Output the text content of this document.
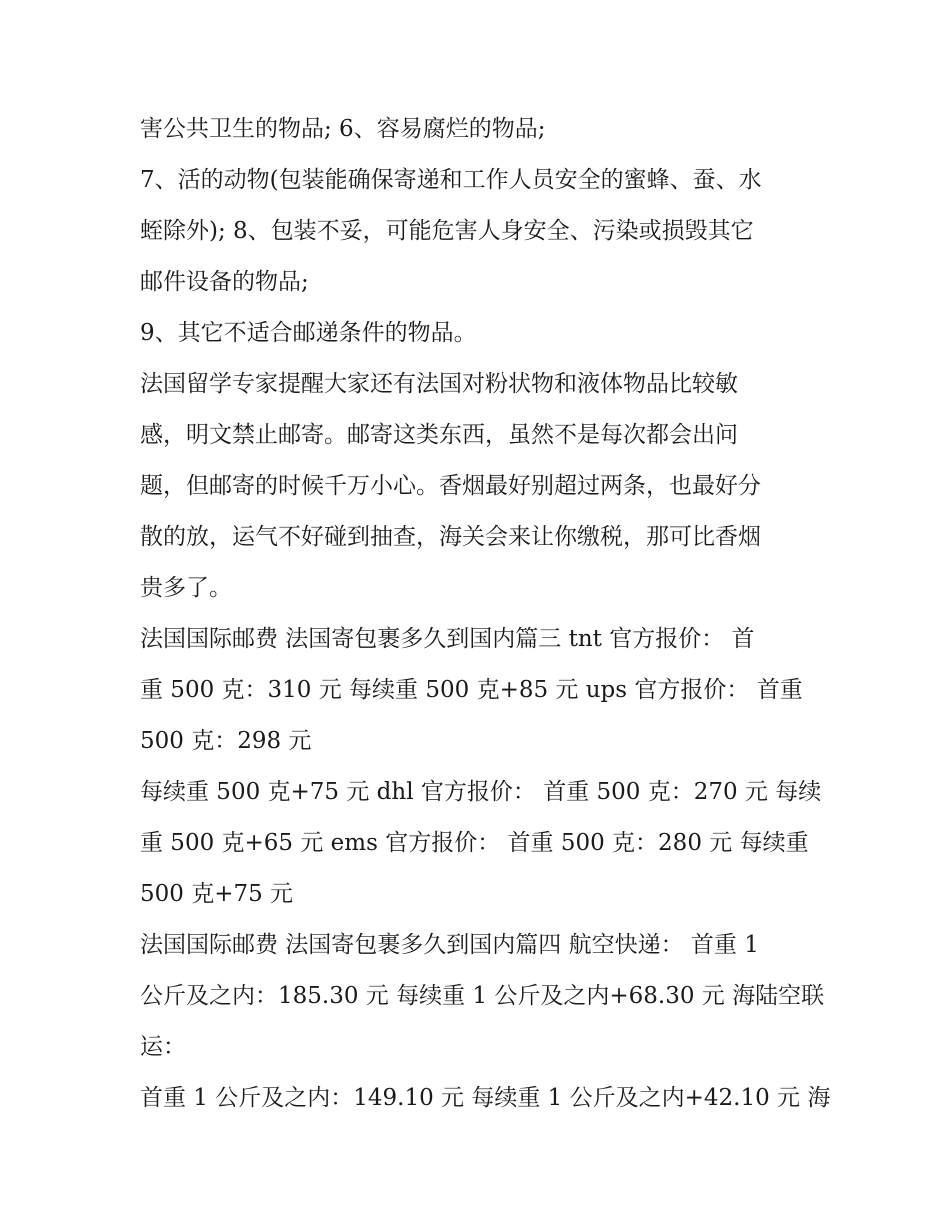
害公共卫生的物品; 6、容易腐烂的物品;
7、活的动物(包装能确保寄递和工作人员安全的蜜蜂、蚕、水
蛭除外); 8、包装不妥，可能危害人身安全、污染或损毁其它
邮件设备的物品;
9、其它不适合邮递条件的物品。
法国留学专家提醒大家还有法国对粉状物和液体物品比较敏
感，明文禁止邮寄。邮寄这类东西，虽然不是每次都会出问
题，但邮寄的时候千万小心。香烟最好别超过两条，也最好分
散的放，运气不好碰到抽查，海关会来让你缴税，那可比香烟
贵多了。
法国国际邮费 法国寄包裹多久到国内篇三 tnt 官方报价： 首
重 500 克：310 元 每续重 500 克+85 元 ups 官方报价： 首重
500 克：298 元
每续重 500 克+75 元 dhl 官方报价： 首重 500 克：270 元 每续
重 500 克+65 元 ems 官方报价： 首重 500 克：280 元 每续重
500 克+75 元
法国国际邮费 法国寄包裹多久到国内篇四 航空快递： 首重 1
公斤及之内：185.30 元 每续重 1 公斤及之内+68.30 元 海陆空联
运：
首重 1 公斤及之内：149.10 元 每续重 1 公斤及之内+42.10 元 海
